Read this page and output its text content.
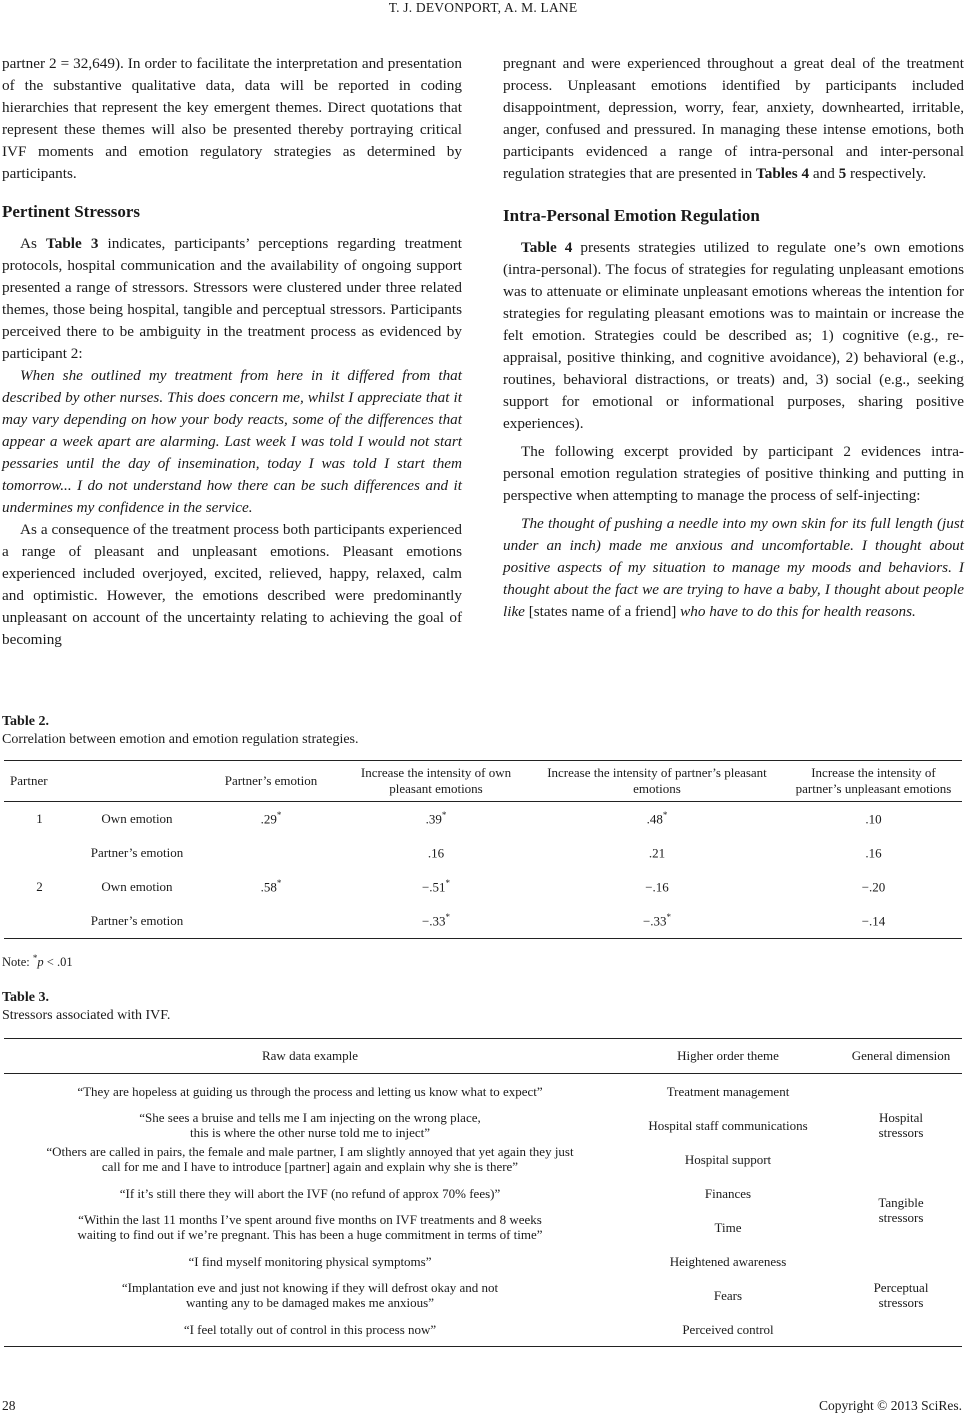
T. J. DEVONPORT, A. M. LANE

partner 2 = 32,649). In order to facilitate the interpretation and presentation of the substantive qualitative data, data will be reported in coding hierarchies that represent the key emergent themes. Direct quotations that represent these themes will also be presented thereby portraying critical IVF moments and emotion regulatory strategies as determined by participants.

Pertinent Stressors

As Table 3 indicates, participants’ perceptions regarding treatment protocols, hospital communication and the availability of ongoing support presented a range of stressors. Stressors were clustered under three related themes, those being hospital, tangible and perceptual stressors. Participants perceived there to be ambiguity in the treatment process as evidenced by participant 2:

When she outlined my treatment from here in it differed from that described by other nurses. This does concern me, whilst I appreciate that it may vary depending on how your body reacts, some of the differences that appear a week apart are alarming. Last week I was told I would not start pessaries until the day of insemination, today I was told I start them tomorrow... I do not understand how there can be such differences and it undermines my confidence in the service.

As a consequence of the treatment process both participants experienced a range of pleasant and unpleasant emotions. Pleasant emotions experienced included overjoyed, excited, relieved, happy, relaxed, calm and optimistic. However, the emotions described were predominantly unpleasant on account of the uncertainty relating to achieving the goal of becoming

pregnant and were experienced throughout a great deal of the treatment process. Unpleasant emotions identified by participants included disappointment, depression, worry, fear, anxiety, downhearted, irritable, anger, confused and pressured. In managing these intense emotions, both participants evidenced a range of intra-personal and inter-personal regulation strategies that are presented in Tables 4 and 5 respectively.

Intra-Personal Emotion Regulation

Table 4 presents strategies utilized to regulate one’s own emotions (intra-personal). The focus of strategies for regulating unpleasant emotions was to attenuate or eliminate unpleasant emotions whereas the intention for strategies for regulating pleasant emotions was to maintain or increase the felt emotion. Strategies could be described as; 1) cognitive (e.g., re-appraisal, positive thinking, and cognitive avoidance), 2) behavioral (e.g., routines, behavioral distractions, or treats) and, 3) social (e.g., seeking support for emotional or informational purposes, sharing positive experiences).

The following excerpt provided by participant 2 evidences intra-personal emotion regulation strategies of positive thinking and putting in perspective when attempting to manage the process of self-injecting:

The thought of pushing a needle into my own skin for its full length (just under an inch) made me anxious and uncomfortable. I thought about positive aspects of my situation to manage my moods and behaviors. I thought about the fact we are trying to have a baby, I thought about people like [states name of a friend] who have to do this for health reasons.

Table 2.
Correlation between emotion and emotion regulation strategies.
Partner		Partner’s emotion	Increase the intensity of own pleasant emotions	Increase the intensity of partner’s pleasant emotions	Increase the intensity of partner’s unpleasant emotions
1	Own emotion	.29*	.39*	.48*	.10
	Partner’s emotion		.16	.21	.16
2	Own emotion	.58*	−.51*	−.16	−.20
	Partner’s emotion		−.33*	−.33*	−.14
Note: *p < .01
Table 3.
Stressors associated with IVF.
Raw data example	Higher order theme	General dimension
“They are hopeless at guiding us through the process and letting us know what to expect”	Treatment management	Hospital
stressors
“She sees a bruise and tells me I am injecting on the wrong place,
this is where the other nurse told me to inject”	Hospital staff communications	
“Others are called in pairs, the female and male partner, I am slightly annoyed that yet again they just
call for me and I have to introduce [partner] again and explain why she is there”	Hospital support	
“If it’s still there they will abort the IVF (no refund of approx 70% fees)”	Finances	Tangible
stressors
“Within the last 11 months I’ve spent around five months on IVF treatments and 8 weeks
waiting to find out if we’re pregnant. This has been a huge commitment in terms of time”	Time	
“I find myself monitoring physical symptoms”	Heightened awareness	Perceptual
stressors
“Implantation eve and just not knowing if they will defrost okay and not
wanting any to be damaged makes me anxious”	Fears	
“I feel totally out of control in this process now”	Perceived control	
28	Copyright © 2013 SciRes.
